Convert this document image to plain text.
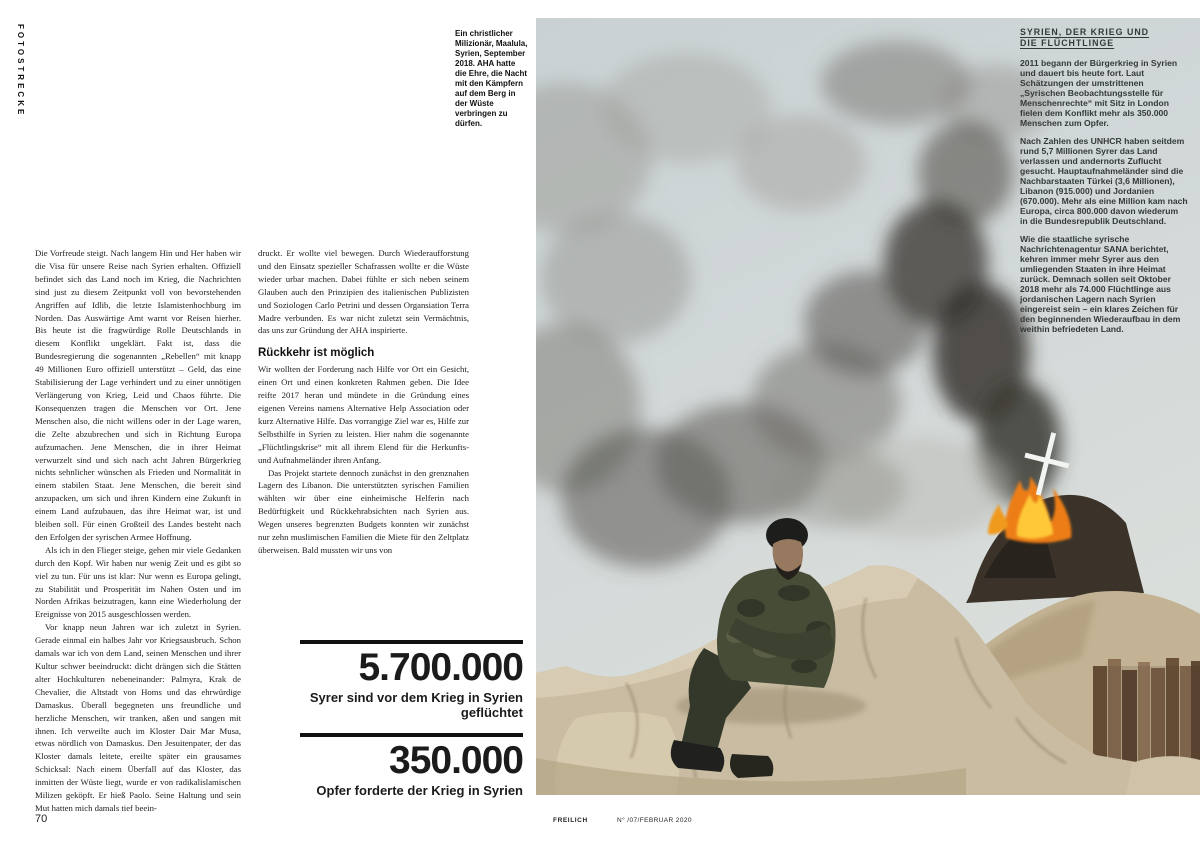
FOTOSTRECKE

Die Vorfreude steigt. Nach langem Hin und Her haben wir die Visa für unsere Reise nach Syrien erhalten. Offiziell befindet sich das Land noch im Krieg, die Nachrichten sind just zu diesem Zeitpunkt voll von bevorstehenden Angriffen auf Idlib, die letzte Islamistenhochburg im Norden. Das Auswärtige Amt warnt vor Reisen hierher. Bis heute ist die fragwürdige Rolle Deutschlands in diesem Konflikt ungeklärt. Fakt ist, dass die Bundesregierung die sogenannten „Rebellen“ mit knapp 49 Millionen Euro offiziell unterstützt – Geld, das eine Stabilisierung der Lage verhindert und zu einer unnötigen Verlängerung von Krieg, Leid und Chaos führte. Die Konsequenzen tragen die Menschen vor Ort. Jene Menschen also, die nicht willens oder in der Lage waren, die Zelte abzubrechen und sich in Richtung Europa aufzumachen. Jene Menschen, die in ihrer Heimat verwurzelt sind und sich nach acht Jahren Bürgerkrieg nichts sehnlicher wünschen als Frieden und Normalität in einem stabilen Staat. Jene Menschen, die bereit sind anzupacken, um sich und ihren Kindern eine Zukunft in einem Land aufzubauen, das ihre Heimat war, ist und bleiben soll. Für einen Großteil des Landes besteht nach den Erfolgen der syrischen Armee Hoffnung.

Als ich in den Flieger steige, gehen mir viele Gedanken durch den Kopf. Wir haben nur wenig Zeit und es gibt so viel zu tun. Für uns ist klar: Nur wenn es Europa gelingt, zu Stabilität und Prosperität im Nahen Osten und im Norden Afrikas beizutragen, kann eine Wiederholung der Ereignisse von 2015 ausgeschlossen werden.

Vor knapp neun Jahren war ich zuletzt in Syrien. Gerade einmal ein halbes Jahr vor Kriegsausbruch. Schon damals war ich von dem Land, seinen Menschen und ihrer Kultur schwer beeindruckt: dicht drängen sich die Stätten alter Hochkulturen nebeneinander: Palmyra, Krak de Chevalier, die Altstadt von Homs und das ehrwürdige Damaskus. Überall begegneten uns freundliche und herzliche Menschen, wir tranken, aßen und sangen mit ihnen. Ich verweilte auch im Kloster Dair Mar Musa, etwas nördlich von Damaskus. Den Jesuitenpater, der das Kloster damals leitete, ereilte später ein grausames Schicksal: Nach einem Überfall auf das Kloster, das inmitten der Wüste liegt, wurde er von radikalislamischen Milizen geköpft. Er hieß Paolo. Seine Haltung und sein Mut hatten mich damals tief beein-

druckt. Er wollte viel bewegen. Durch Wiederaufforstung und den Einsatz spezieller Schafrassen wollte er die Wüste wieder urbar machen. Dabei fühlte er sich neben seinem Glauben auch den Prinzipien des italienischen Publizisten und Soziologen Carlo Petrini und dessen Organsiation Terra Madre verbunden. Es war nicht zuletzt sein Vermächtnis, das uns zur Gründung der AHA inspirierte.

Rückkehr ist möglich

Wir wollten der Forderung nach Hilfe vor Ort ein Gesicht, einen Ort und einen konkreten Rahmen geben. Die Idee reifte 2017 heran und mündete in die Gründung eines eigenen Vereins namens Alternative Help Association oder kurz Alternative Hilfe. Das vorrangige Ziel war es, Hilfe zur Selbsthilfe in Syrien zu leisten. Hier nahm die sogenannte „Flüchtlingskrise“ mit all ihrem Elend für die Herkunfts- und Aufnahmeländer ihren Anfang.

Das Projekt startete dennoch zunächst in den grenznahen Lagern des Libanon. Die unterstützten syrischen Familien wählten wir über eine einheimische Helferin nach Bedürftigkeit und Rückkehrabsichten nach Syrien aus. Wegen unseres begrenzten Budgets konnten wir zunächst nur zehn muslimischen Familien die Miete für den Zeltplatz überweisen. Bald mussten wir uns von

Ein christlicher Milizionär, Maalula, Syrien, September 2018. AHA hatte die Ehre, die Nacht mit den Kämpfern auf dem Berg in der Wüste verbringen zu dürfen.
5.700.000
Syrer sind vor dem Krieg in Syrien geflüchtet
350.000
Opfer forderte der Krieg in Syrien
SYRIEN, DER KRIEG UND
DIE FLÜCHTLINGE

2011 begann der Bürgerkrieg in Syrien und dauert bis heute fort. Laut Schätzungen der umstrittenen „Syrischen Beobachtungsstelle für Menschenrechte“ mit Sitz in London fielen dem Konflikt mehr als 350.000 Menschen zum Opfer.

Nach Zahlen des UNHCR haben seitdem rund 5,7 Millionen Syrer das Land verlassen und andernorts Zuflucht gesucht. Hauptaufnahmeländer sind die Nachbarstaaten Türkei (3,6 Millionen), Libanon (915.000) und Jordanien (670.000). Mehr als eine Million kam nach Europa, circa 800.000 davon wiederum in die Bundesrepublik Deutschland.

Wie die staatliche syrische Nachrichtenagentur SANA berichtet, kehren immer mehr Syrer aus den umliegenden Staaten in ihre Heimat zurück. Demnach sollen seit Oktober 2018 mehr als 74.000 Flüchtlinge aus jordanischen Lagern nach Syrien eingereist sein – ein klares Zeichen für den beginnenden Wiederaufbau in dem weithin befriedeten Land.

70	FREILICH	N° /07/FEBRUAR 2020
